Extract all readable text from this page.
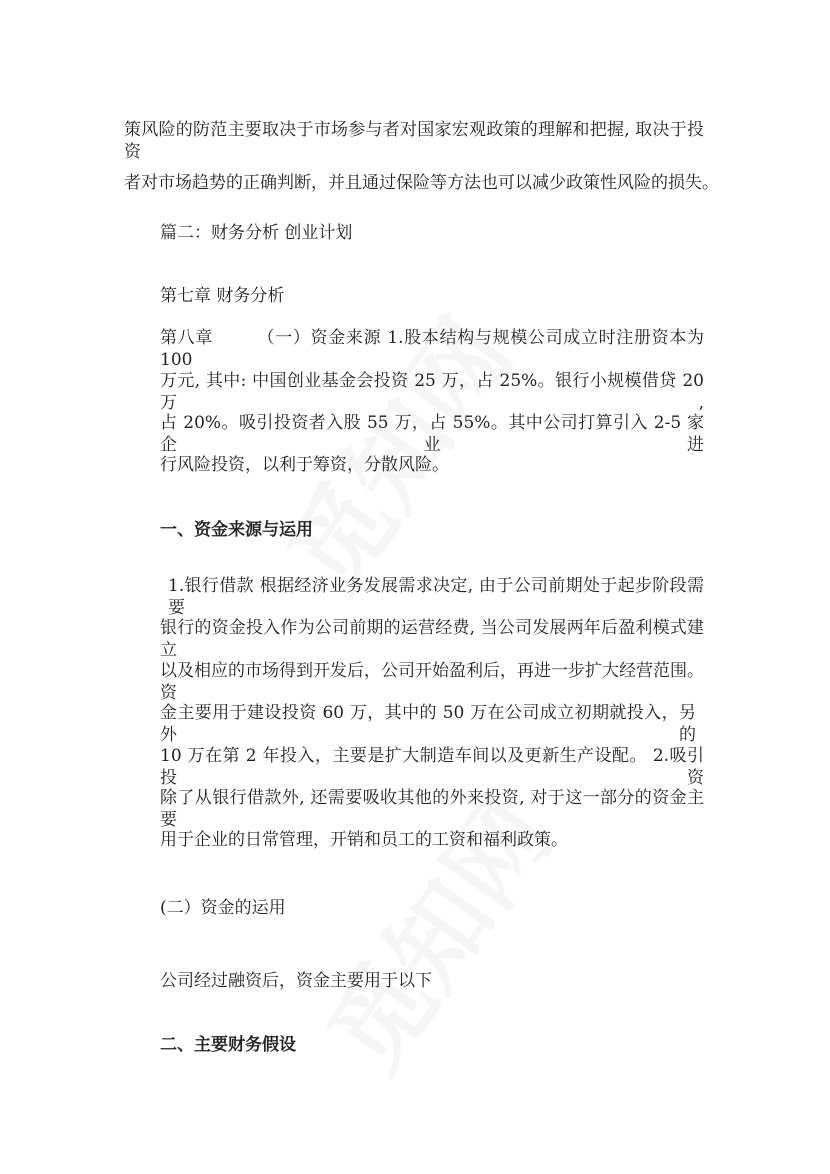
策风险的防范主要取决于市场参与者对国家宏观政策的理解和把握, 取决于投资
者对市场趋势的正确判断，并且通过保险等方法也可以减少政策性风险的损失。
篇二：财务分析 创业计划
第七章 财务分析
第八章　　　（一）资金来源 1.股本结构与规模公司成立时注册资本为 100
万元, 其中: 中国创业基金会投资 25 万，占 25%。银行小规模借贷 20 万,
占 20%。吸引投资者入股 55 万，占 55%。其中公司打算引入 2-5 家企业进
行风险投资，以利于筹资，分散风险。
一、资金来源与运用
1.银行借款 根据经济业务发展需求决定, 由于公司前期处于起步阶段需要
银行的资金投入作为公司前期的运营经费, 当公司发展两年后盈利模式建立
以及相应的市场得到开发后，公司开始盈利后，再进一步扩大经营范围。资
金主要用于建设投资 60 万，其中的 50 万在公司成立初期就投入，另外的
10 万在第 2 年投入，主要是扩大制造车间以及更新生产设配。 2.吸引投资
除了从银行借款外, 还需要吸收其他的外来投资, 对于这一部分的资金主要
用于企业的日常管理，开销和员工的工资和福利政策。
(二）资金的运用
公司经过融资后，资金主要用于以下
二、主要财务假设
